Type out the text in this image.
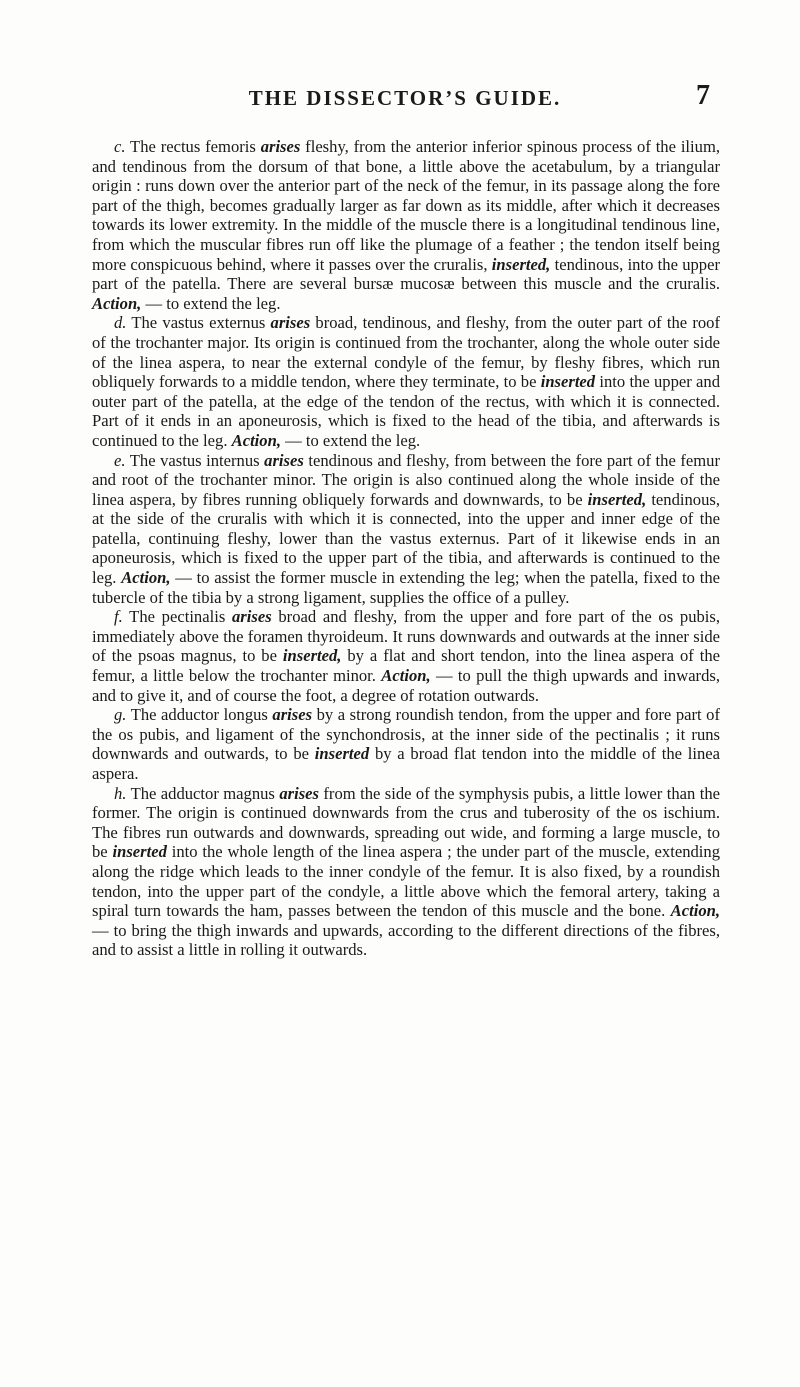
THE DISSECTOR’S GUIDE.	7

c. The rectus femoris arises fleshy, from the anterior inferior spinous process of the ilium, and tendinous from the dorsum of that bone, a little above the acetabulum, by a triangular origin : runs down over the anterior part of the neck of the femur, in its passage along the fore part of the thigh, becomes gradually larger as far down as its middle, after which it decreases towards its lower extremity. In the middle of the muscle there is a longitudinal tendinous line, from which the muscular fibres run off like the plumage of a feather ; the tendon itself being more conspicuous behind, where it passes over the cruralis, inserted, tendinous, into the upper part of the patella. There are several bursæ mucosæ between this muscle and the cruralis. Action, — to extend the leg.

d. The vastus externus arises broad, tendinous, and fleshy, from the outer part of the roof of the trochanter major. Its origin is continued from the trochanter, along the whole outer side of the linea aspera, to near the external condyle of the femur, by fleshy fibres, which run obliquely forwards to a middle tendon, where they terminate, to be inserted into the upper and outer part of the patella, at the edge of the tendon of the rectus, with which it is connected. Part of it ends in an aponeurosis, which is fixed to the head of the tibia, and afterwards is continued to the leg. Action, — to extend the leg.

e. The vastus internus arises tendinous and fleshy, from between the fore part of the femur and root of the trochanter minor. The origin is also continued along the whole inside of the linea aspera, by fibres running obliquely forwards and downwards, to be inserted, tendinous, at the side of the cruralis with which it is connected, into the upper and inner edge of the patella, continuing fleshy, lower than the vastus externus. Part of it likewise ends in an aponeurosis, which is fixed to the upper part of the tibia, and afterwards is continued to the leg. Action, — to assist the former muscle in extending the leg; when the patella, fixed to the tubercle of the tibia by a strong ligament, supplies the office of a pulley.

f. The pectinalis arises broad and fleshy, from the upper and fore part of the os pubis, immediately above the foramen thyroideum. It runs downwards and outwards at the inner side of the psoas magnus, to be inserted, by a flat and short tendon, into the linea aspera of the femur, a little below the trochanter minor. Action, — to pull the thigh upwards and inwards, and to give it, and of course the foot, a degree of rotation outwards.

g. The adductor longus arises by a strong roundish tendon, from the upper and fore part of the os pubis, and ligament of the synchondrosis, at the inner side of the pectinalis ; it runs downwards and outwards, to be inserted by a broad flat tendon into the middle of the linea aspera.

h. The adductor magnus arises from the side of the symphysis pubis, a little lower than the former. The origin is continued downwards from the crus and tuberosity of the os ischium. The fibres run outwards and downwards, spreading out wide, and forming a large muscle, to be inserted into the whole length of the linea aspera ; the under part of the muscle, extending along the ridge which leads to the inner condyle of the femur. It is also fixed, by a roundish tendon, into the upper part of the condyle, a little above which the femoral artery, taking a spiral turn towards the ham, passes between the tendon of this muscle and the bone. Action, — to bring the thigh inwards and upwards, according to the different directions of the fibres, and to assist a little in rolling it outwards.
